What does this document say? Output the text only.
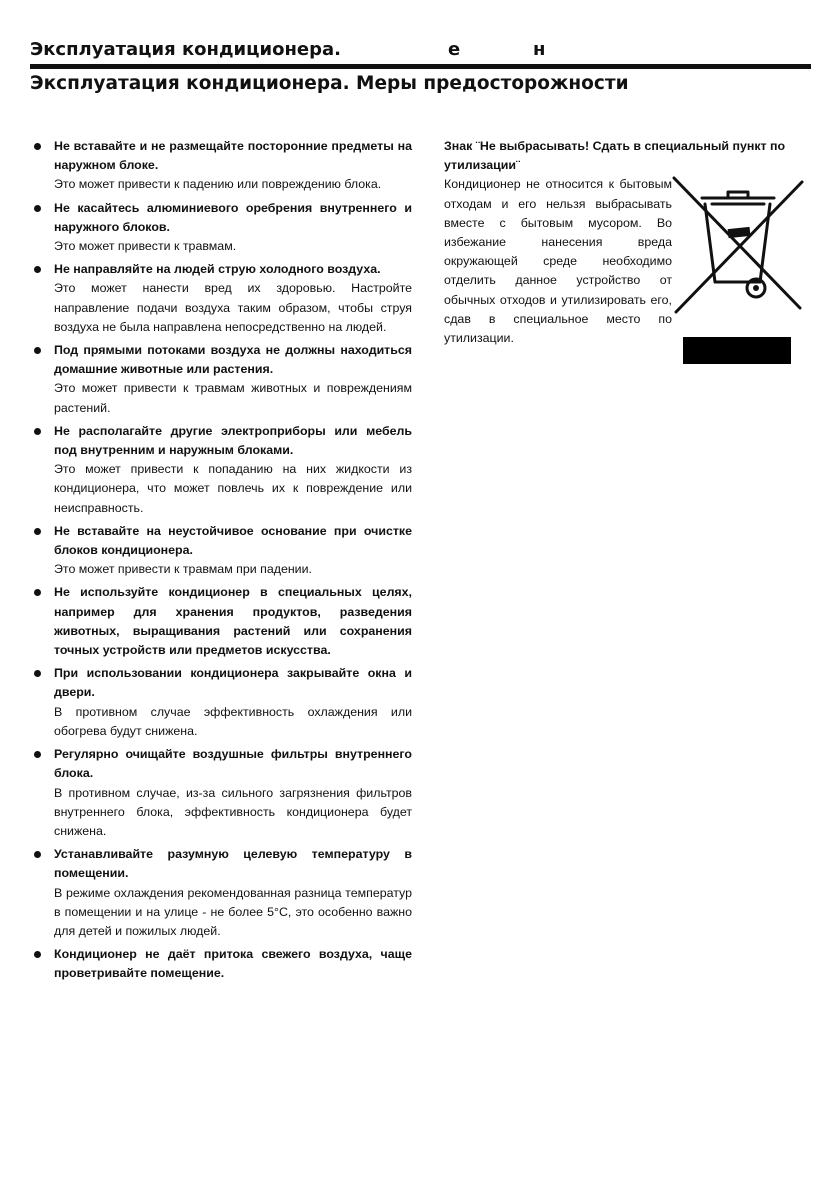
Эксплуатация кондиционера.	е	н
Эксплуатация кондиционера. Меры предосторожности
Не вставайте и не размещайте посторонние предметы на наружном блоке.
Это может привести к падению или повреждению блока.
Не касайтесь алюминиевого оребрения внутреннего и наружного блоков.
Это может привести к травмам.
Не направляйте на людей струю холодного воздуха.
Это может нанести вред их здоровью. Настройте направление подачи воздуха таким образом, чтобы струя воздуха не была направлена непосредственно на людей.
Под прямыми потоками воздуха не должны находиться домашние животные или растения.
Это может привести к травмам животных и повреждениям растений.
Не располагайте другие электроприборы или мебель под внутренним и наружным блоками.
Это может привести к попаданию на них жидкости из кондиционера, что может повлечь их к повреждение или неисправность.
Не вставайте на неустойчивое основание при очистке блоков кондиционера.
Это может привести к травмам при падении.
Не используйте кондиционер в специальных целях, например для хранения продуктов, разведения животных, выращивания растений или сохранения точных устройств или предметов искусства.
При использовании кондиционера закрывайте окна и двери.
В противном случае эффективность охлаждения или обогрева будут снижена.
Регулярно очищайте воздушные фильтры внутреннего блока.
В противном случае, из-за сильного загрязнения фильтров внутреннего блока, эффективность кондиционера будет снижена.
Устанавливайте разумную целевую температуру в помещении.
В режиме охлаждения рекомендованная разница температур в помещении и на улице - не более 5°C, это особенно важно для детей и пожилых людей.
Кондиционер не даёт притока свежего воздуха, чаще проветривайте помещение.
Знак ¨Не выбрасывать! Сдать в специальный пункт по утилизации¨
Кондиционер не относится к бытовым отходам и его нельзя выбрасывать вместе с бытовым мусором. Во избежание нанесения вреда окружающей среде необходимо отделить данное устройство от обычных отходов и утилизировать его, сдав в специальное место по утилизации.
